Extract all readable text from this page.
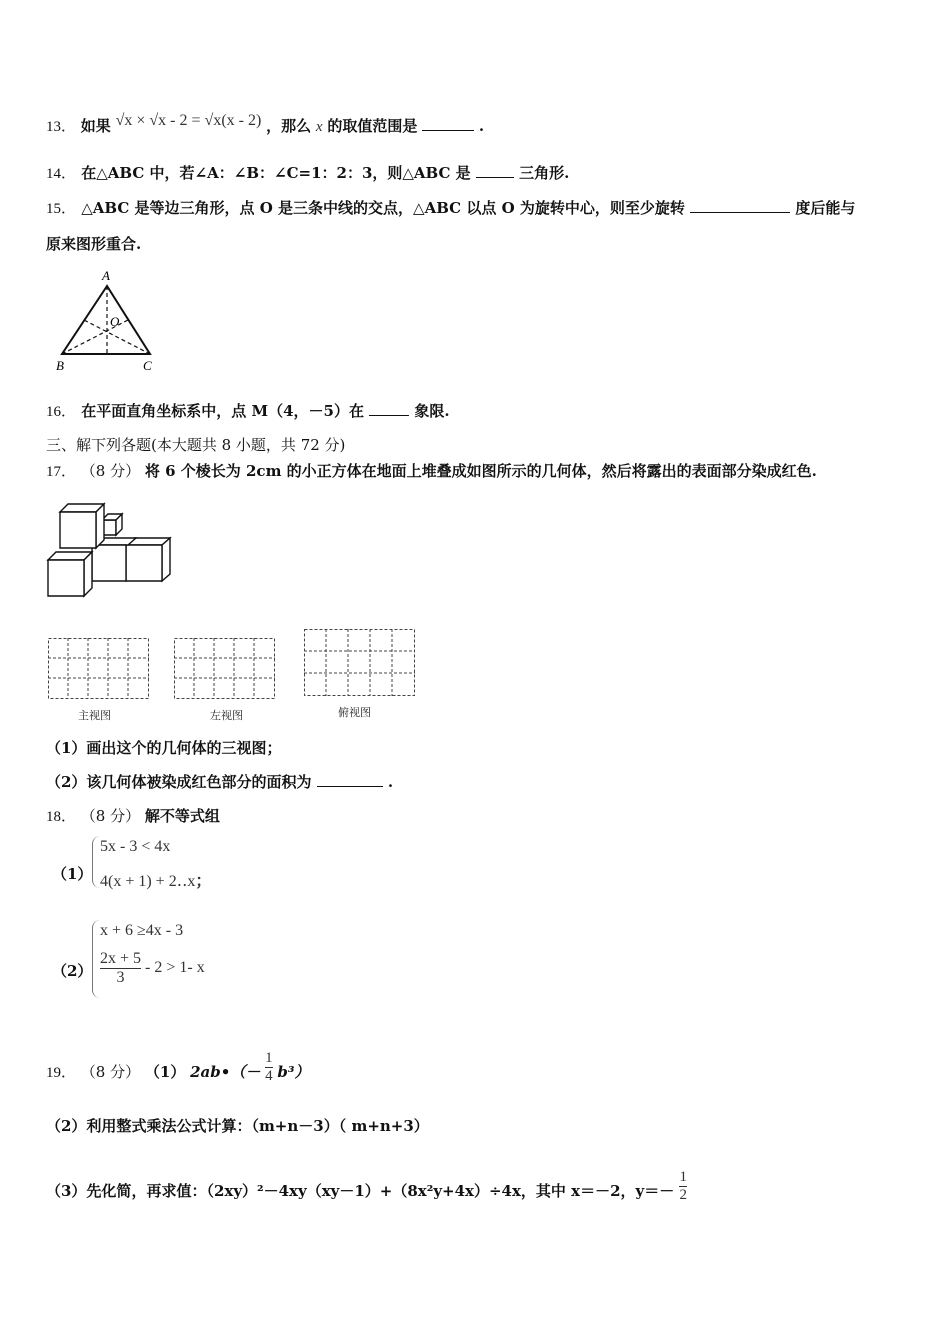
13． 如果 √x × √x - 2 = √x(x - 2) ，那么 x 的取值范围是	.
14． 在△ABC 中，若∠A：∠B：∠C=1：2：3，则△ABC 是	三角形.
15． △ABC 是等边三角形，点 O 是三条中线的交点，△ABC 以点 O 为旋转中心，则至少旋转	度后能与
原来图形重合.
A
O
B	C
16． 在平面直角坐标系中，点 M（4，－5）在	象限.
三、解下列各题(本大题共 8 小题，共 72 分)
17． （8 分） 将 6 个棱长为 2cm 的小正方体在地面上堆叠成如图所示的几何体，然后将露出的表面部分染成红色.
主视图	左视图	俯视图
（1）画出这个的几何体的三视图；
（2）该几何体被染成红色部分的面积为	.
18． （8 分） 解不等式组
（1）
5x - 3 < 4x
4(x + 1) + 2‥x；
（2）
x + 6 ≥4x - 3
$\frac{2x + 5}{3} - 2 > 1-$ x
19． （8 分） （1） 2ab•（－ $\frac{1}{4} b^3$）
（2）利用整式乘法公式计算：（m+n－3）（ m+n+3）
（3）先化简，再求值：（2xy）²－4xy（xy－1）+（8x²y+4x）÷4x，其中 x＝－2，$y=- \frac{1}{2}$
